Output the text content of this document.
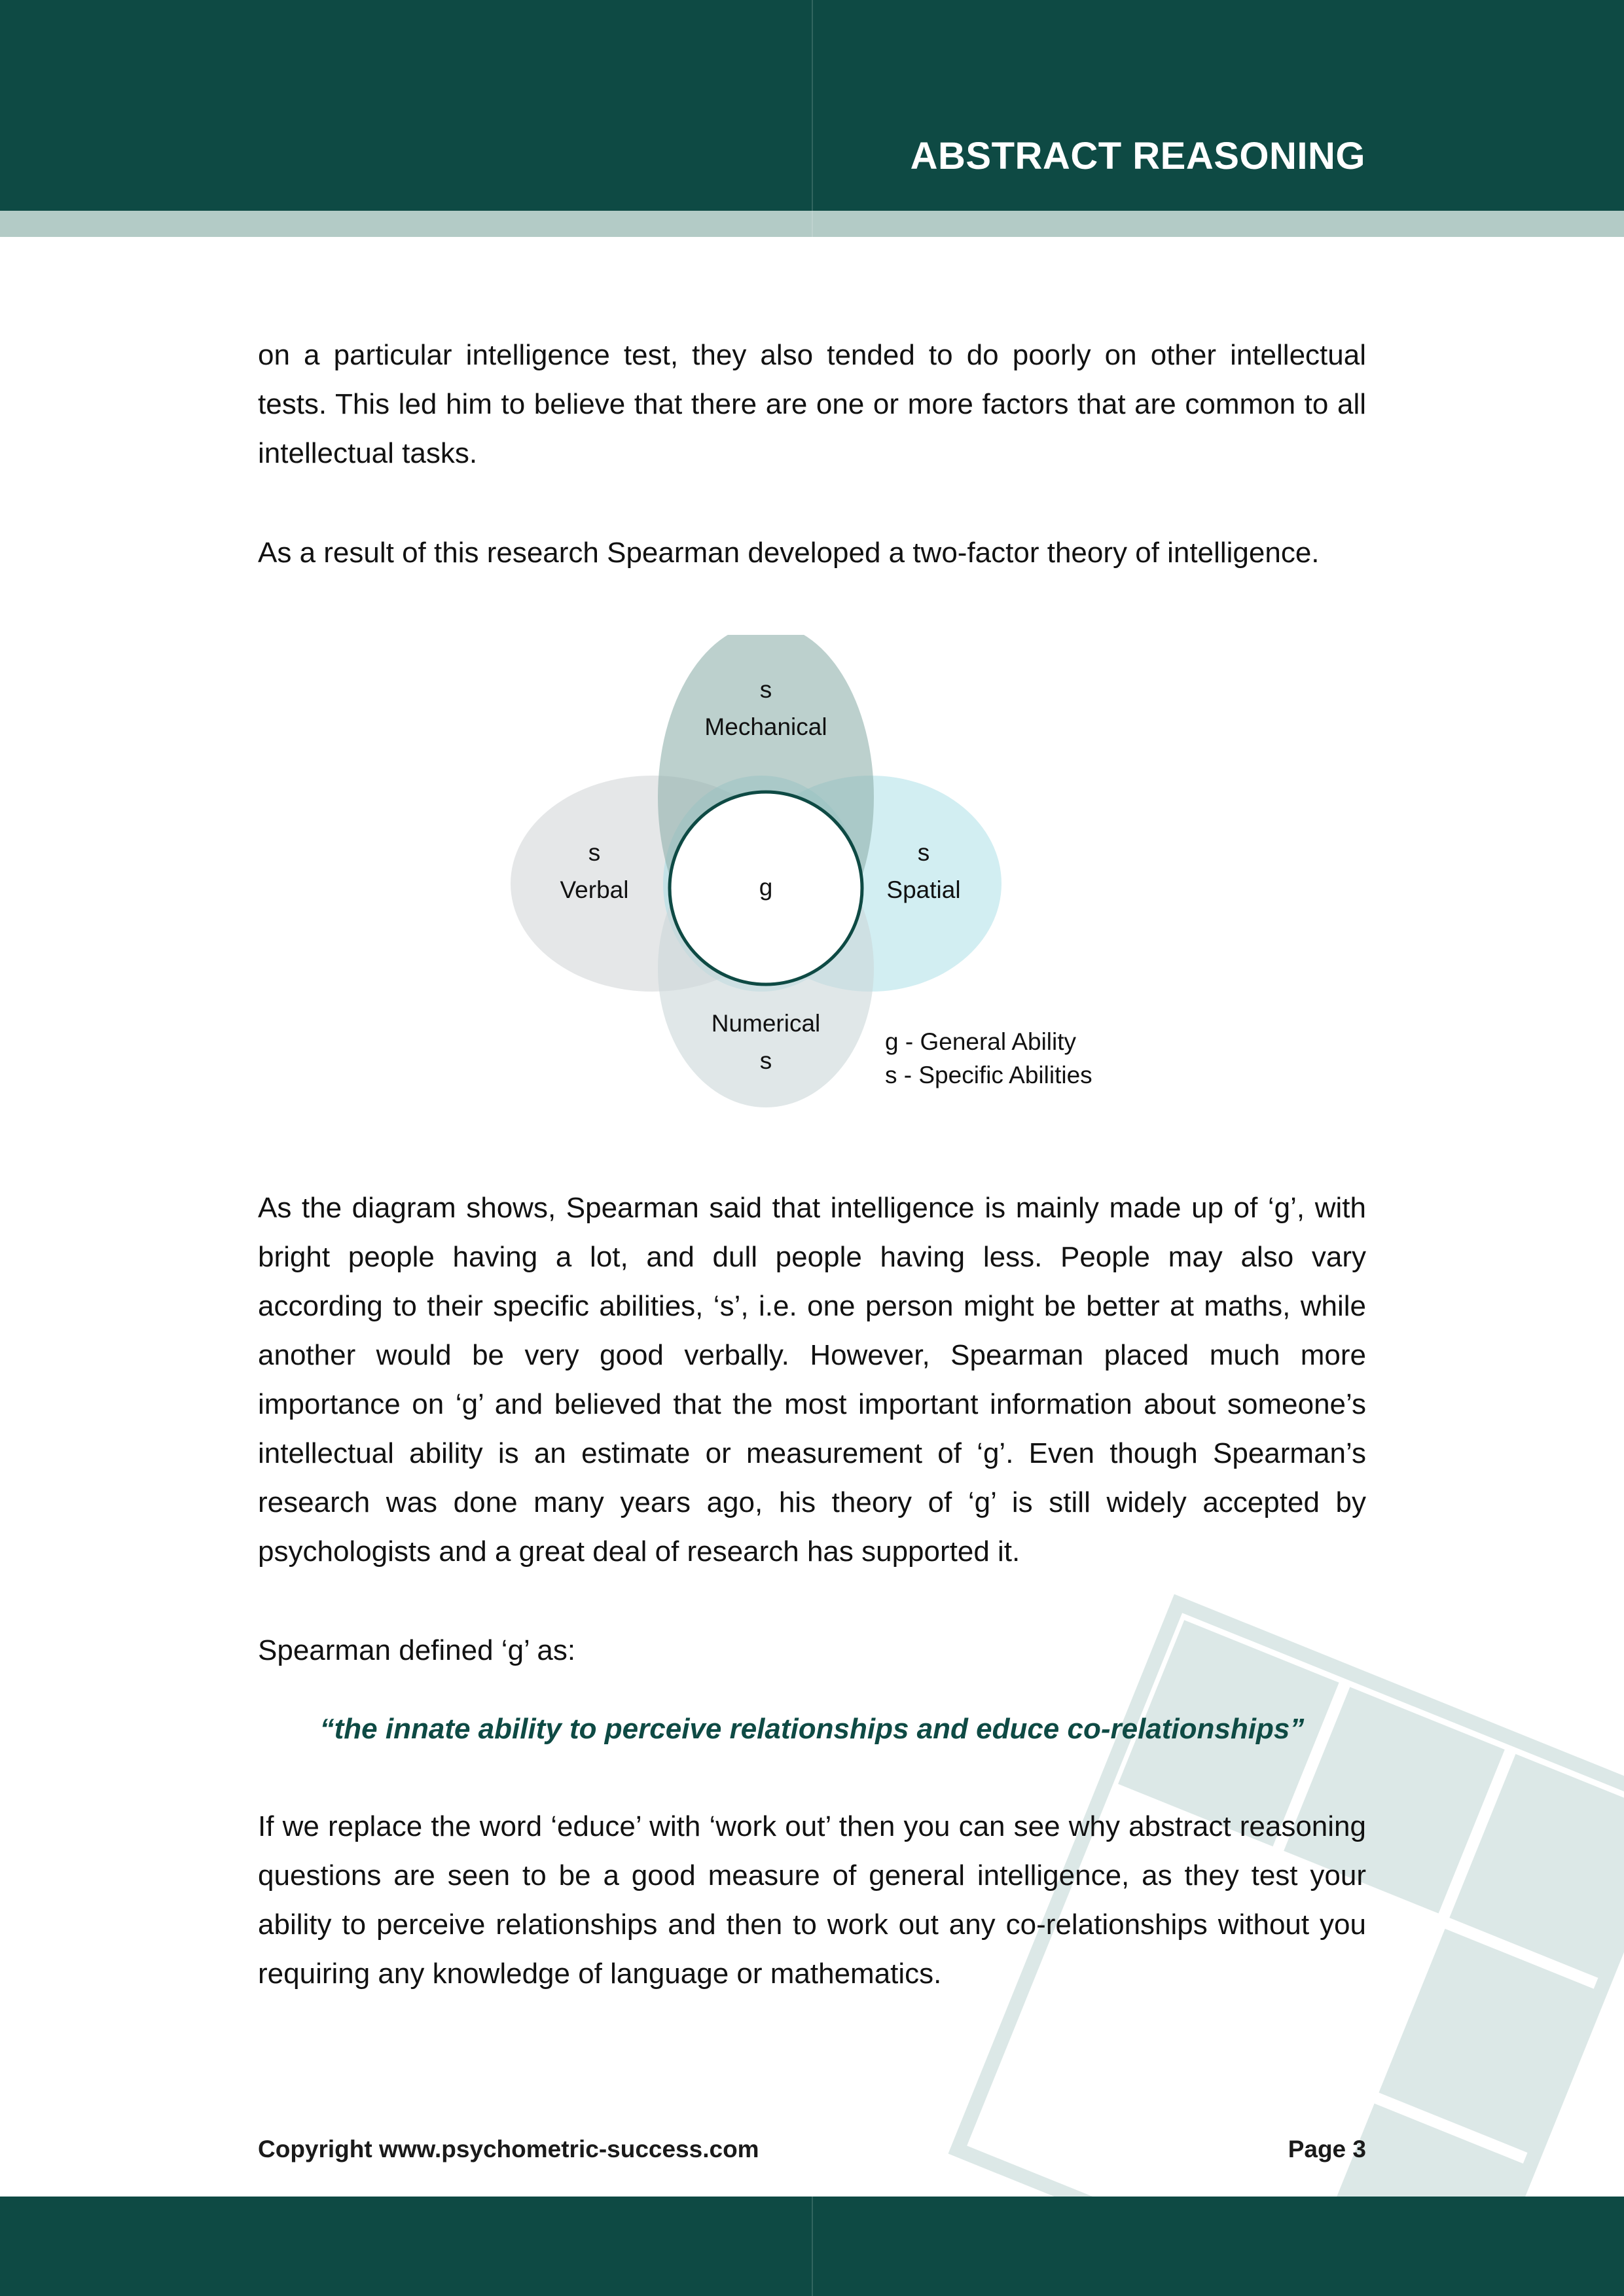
ABSTRACT REASONING

on a particular intelligence test, they also tended to do poorly on other intellectual tests. This led him to believe that there are one or more factors that are common to all intellectual tasks.

As a result of this research Spearman developed a two-factor theory of intelligence.

g
s
Mechanical
s
Verbal
s
Spatial
Numerical
s
g - General Ability
s - Specific Abilities

As the diagram shows, Spearman said that intelligence is mainly made up of ‘g’, with bright people having a lot, and dull people having less. People may also vary according to their specific abilities, ‘s’, i.e. one person might be better at maths, while another would be very good verbally. However, Spearman placed much more importance on ‘g’ and believed that the most important information about someone’s intellectual ability is an estimate or measurement of ‘g’. Even though Spearman’s research was done many years ago, his theory of ‘g’ is still widely accepted by psychologists and a great deal of research has supported it.

Spearman defined ‘g’ as:

“the innate ability to perceive relationships and educe co-relationships”

If we replace the word ‘educe’ with ‘work out’ then you can see why abstract reasoning questions are seen to be a good measure of general intelligence, as they test your ability to perceive relationships and then to work out any co-relationships without you requiring any knowledge of language or mathematics.

Copyright www.psychometric-success.com	Page 3
